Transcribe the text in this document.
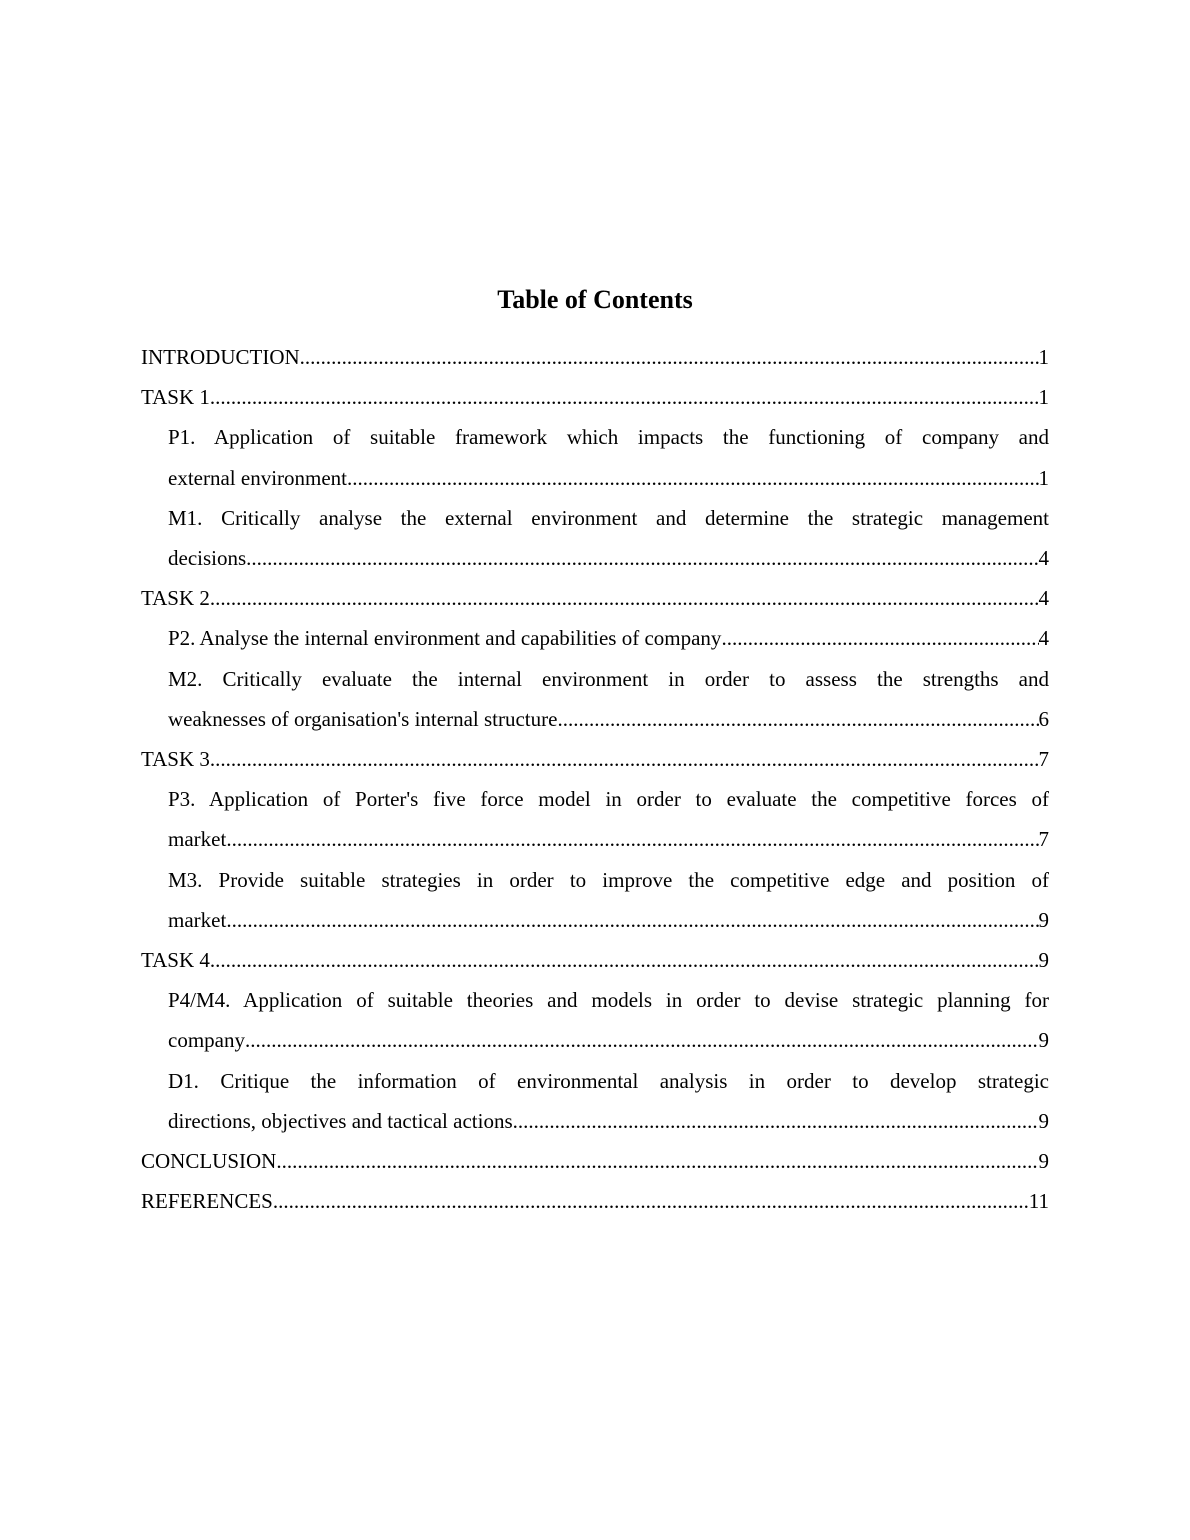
Table of Contents
INTRODUCTION .....	1
TASK 1 .....	1
P1. Application of suitable framework which impacts the functioning of company and
external environment .....	1
M1. Critically analyse the external environment and determine the strategic management
decisions .....	4
TASK 2 .....	4
P2. Analyse the internal environment and capabilities of company .....	4
M2. Critically evaluate the internal environment in order to assess the strengths and
weaknesses of organisation's internal structure .....	6
TASK 3 .....	7
P3. Application of Porter's five force model in order to evaluate the competitive forces of
market .....	7
M3. Provide suitable strategies in order to improve the competitive edge and position of
market .....	9
TASK 4 .....	9
P4/M4. Application of suitable theories and models in order to devise strategic planning for
company .....	9
D1. Critique the information of environmental analysis in order to develop strategic
directions, objectives and tactical actions .....	9
CONCLUSION .....	9
REFERENCES .....	11
